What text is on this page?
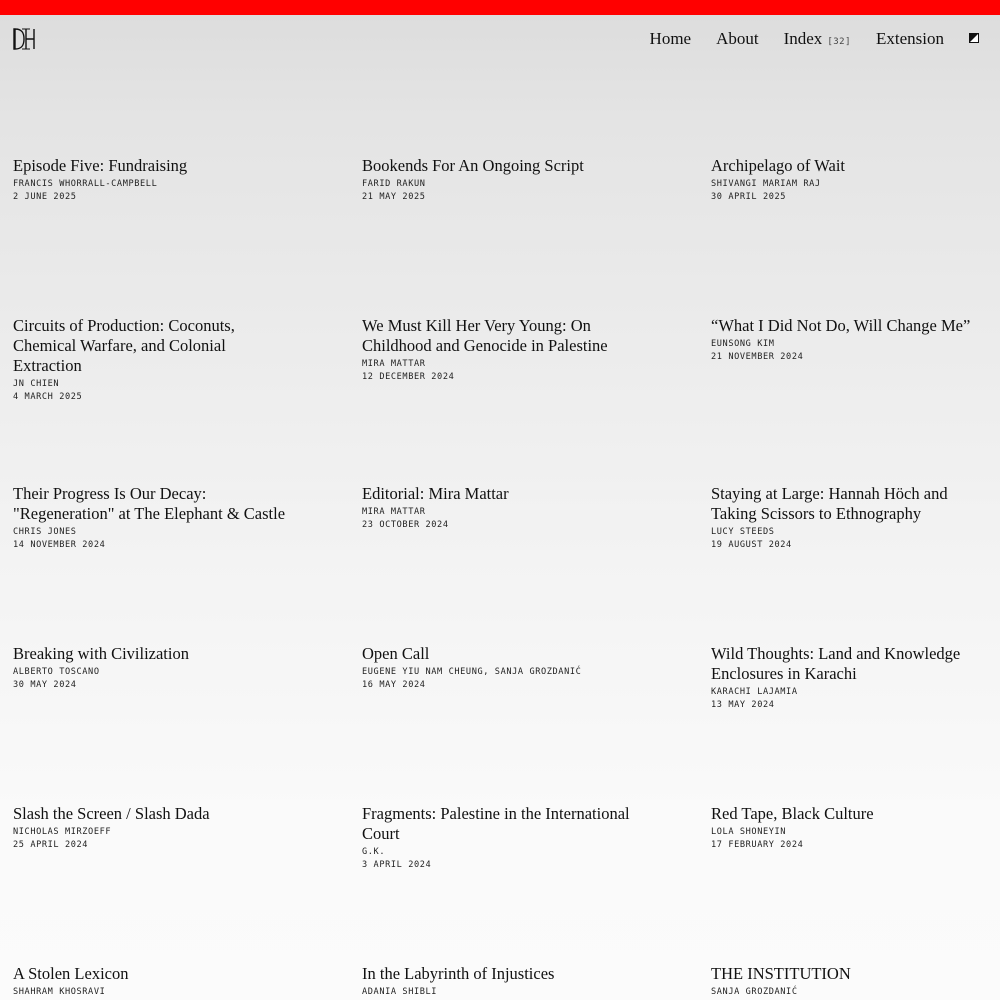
Home About Index [32] Extension
Episode Five: Fundraising
FRANCIS WHORRALL-CAMPBELL
2 JUNE 2025
Bookends For An Ongoing Script
FARID RAKUN
21 MAY 2025
Archipelago of Wait
SHIVANGI MARIAM RAJ
30 APRIL 2025
Circuits of Production: Coconuts, Chemical Warfare, and Colonial Extraction
JN CHIEN
4 MARCH 2025
We Must Kill Her Very Young: On Childhood and Genocide in Palestine
MIRA MATTAR
12 DECEMBER 2024
“What I Did Not Do, Will Change Me”
EUNSONG KIM
21 NOVEMBER 2024
Their Progress Is Our Decay: "Regeneration" at The Elephant & Castle
CHRIS JONES
14 NOVEMBER 2024
Editorial: Mira Mattar
MIRA MATTAR
23 OCTOBER 2024
Staying at Large: Hannah Höch and Taking Scissors to Ethnography
LUCY STEEDS
19 AUGUST 2024
Breaking with Civilization
ALBERTO TOSCANO
30 MAY 2024
Open Call
EUGENE YIU NAM CHEUNG, SANJA GROZDANIĆ
16 MAY 2024
Wild Thoughts: Land and Knowledge Enclosures in Karachi
KARACHI LAJAMIA
13 MAY 2024
Slash the Screen / Slash Dada
NICHOLAS MIRZOEFF
25 APRIL 2024
Fragments: Palestine in the International Court
G.K.
3 APRIL 2024
Red Tape, Black Culture
LOLA SHONEYIN
17 FEBRUARY 2024
A Stolen Lexicon
SHAHRAM KHOSRAVI
In the Labyrinth of Injustices
ADANIA SHIBLI
THE INSTITUTION
SANJA GROZDANIĆ
